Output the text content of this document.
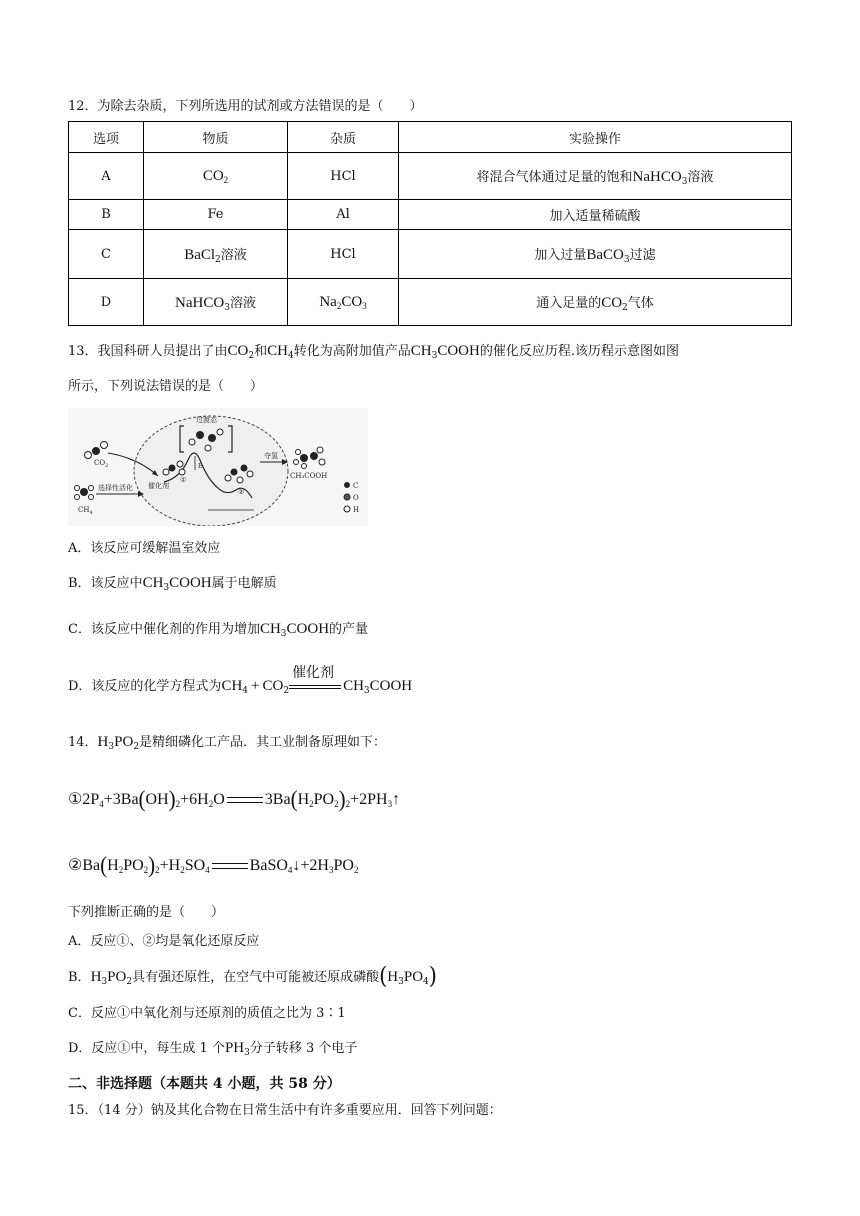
12．为除去杂质，下列所选用的试剂或方法错误的是（　　）
选项	物质	杂质	实验操作
A	$CO_2$	HCl	将混合气体通过足量的饱和NaHCO$_3$溶液
B	Fe	Al	加入适量稀硫酸
C	BaCl$_2$溶液	HCl	加入过量BaCO$_3$过滤
D	NaHCO$_3$溶液	$Na_2CO_3$	通入足量的$CO_2$气体
13．我国科研人员提出了由$CO_2$和$CH_4$转化为高附加值产品$CH_3COOH$的催化反应历程.该历程示意图如图
所示，下列说法错误的是（　　）
$CO_2$
$CH_4$
选择性活化 催化剂
过渡态
E
①
②
夺氢
CH₃COOH
C
O
H
A．该反应可缓解温室效应
B．该反应中$CH_3COOH$属于电解质
C．该反应中催化剂的作用为增加$CH_3COOH$的产量
D．该反应的化学方程式为$CH_4 + CO_2$
催化剂
$CH_3COOH$
14．$H_3PO_2$是精细磷化工产品．其工业制备原理如下：
$①2P_4+3Ba(OH)_2+6H_2O$	$3Ba(H_2PO_2)_2+2PH_3↑$
$②Ba(H_2PO_2)_2+H_2SO_4$	$BaSO_4↓+2H_3PO_2$
下列推断正确的是（　　）
A．反应①、②均是氧化还原反应
B．$H_3PO_2$具有强还原性，在空气中可能被还原成磷酸$(H_3PO_4)$
C．反应①中氧化剂与还原剂的质值之比为 3∶1
D．反应①中，每生成 1 个$PH_3$分子转移 3 个电子
二、非选择题（本题共 4 小题，共 58 分）
15．（14 分）钠及其化合物在日常生活中有许多重要应用．回答下列问题：
